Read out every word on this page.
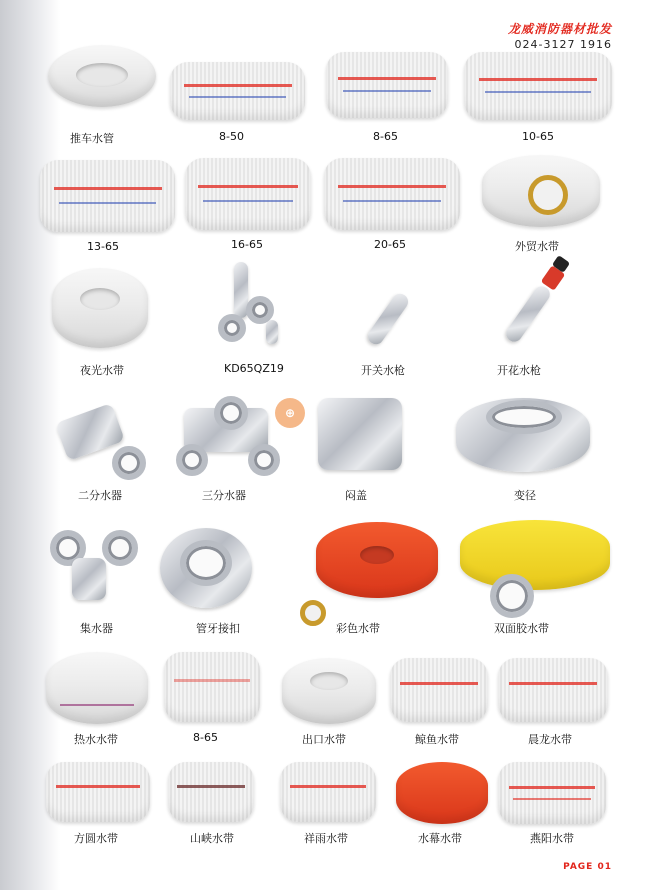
龙威消防器材批发
024-3127 1916
推车水管	8-50	8-65	10-65
13-65	16-65	20-65	外贸水带
夜光水带	KD65QZ19	开关水枪	开花水枪
二分水器	三分水器
⊕
闷盖	变径
集水器	管牙接扣	彩色水带	双面胶水带
热水水带	8-65	出口水带	鲸鱼水带	晨龙水带
方圆水带	山峡水带	祥雨水带	水幕水带	燕阳水带
PAGE 01
